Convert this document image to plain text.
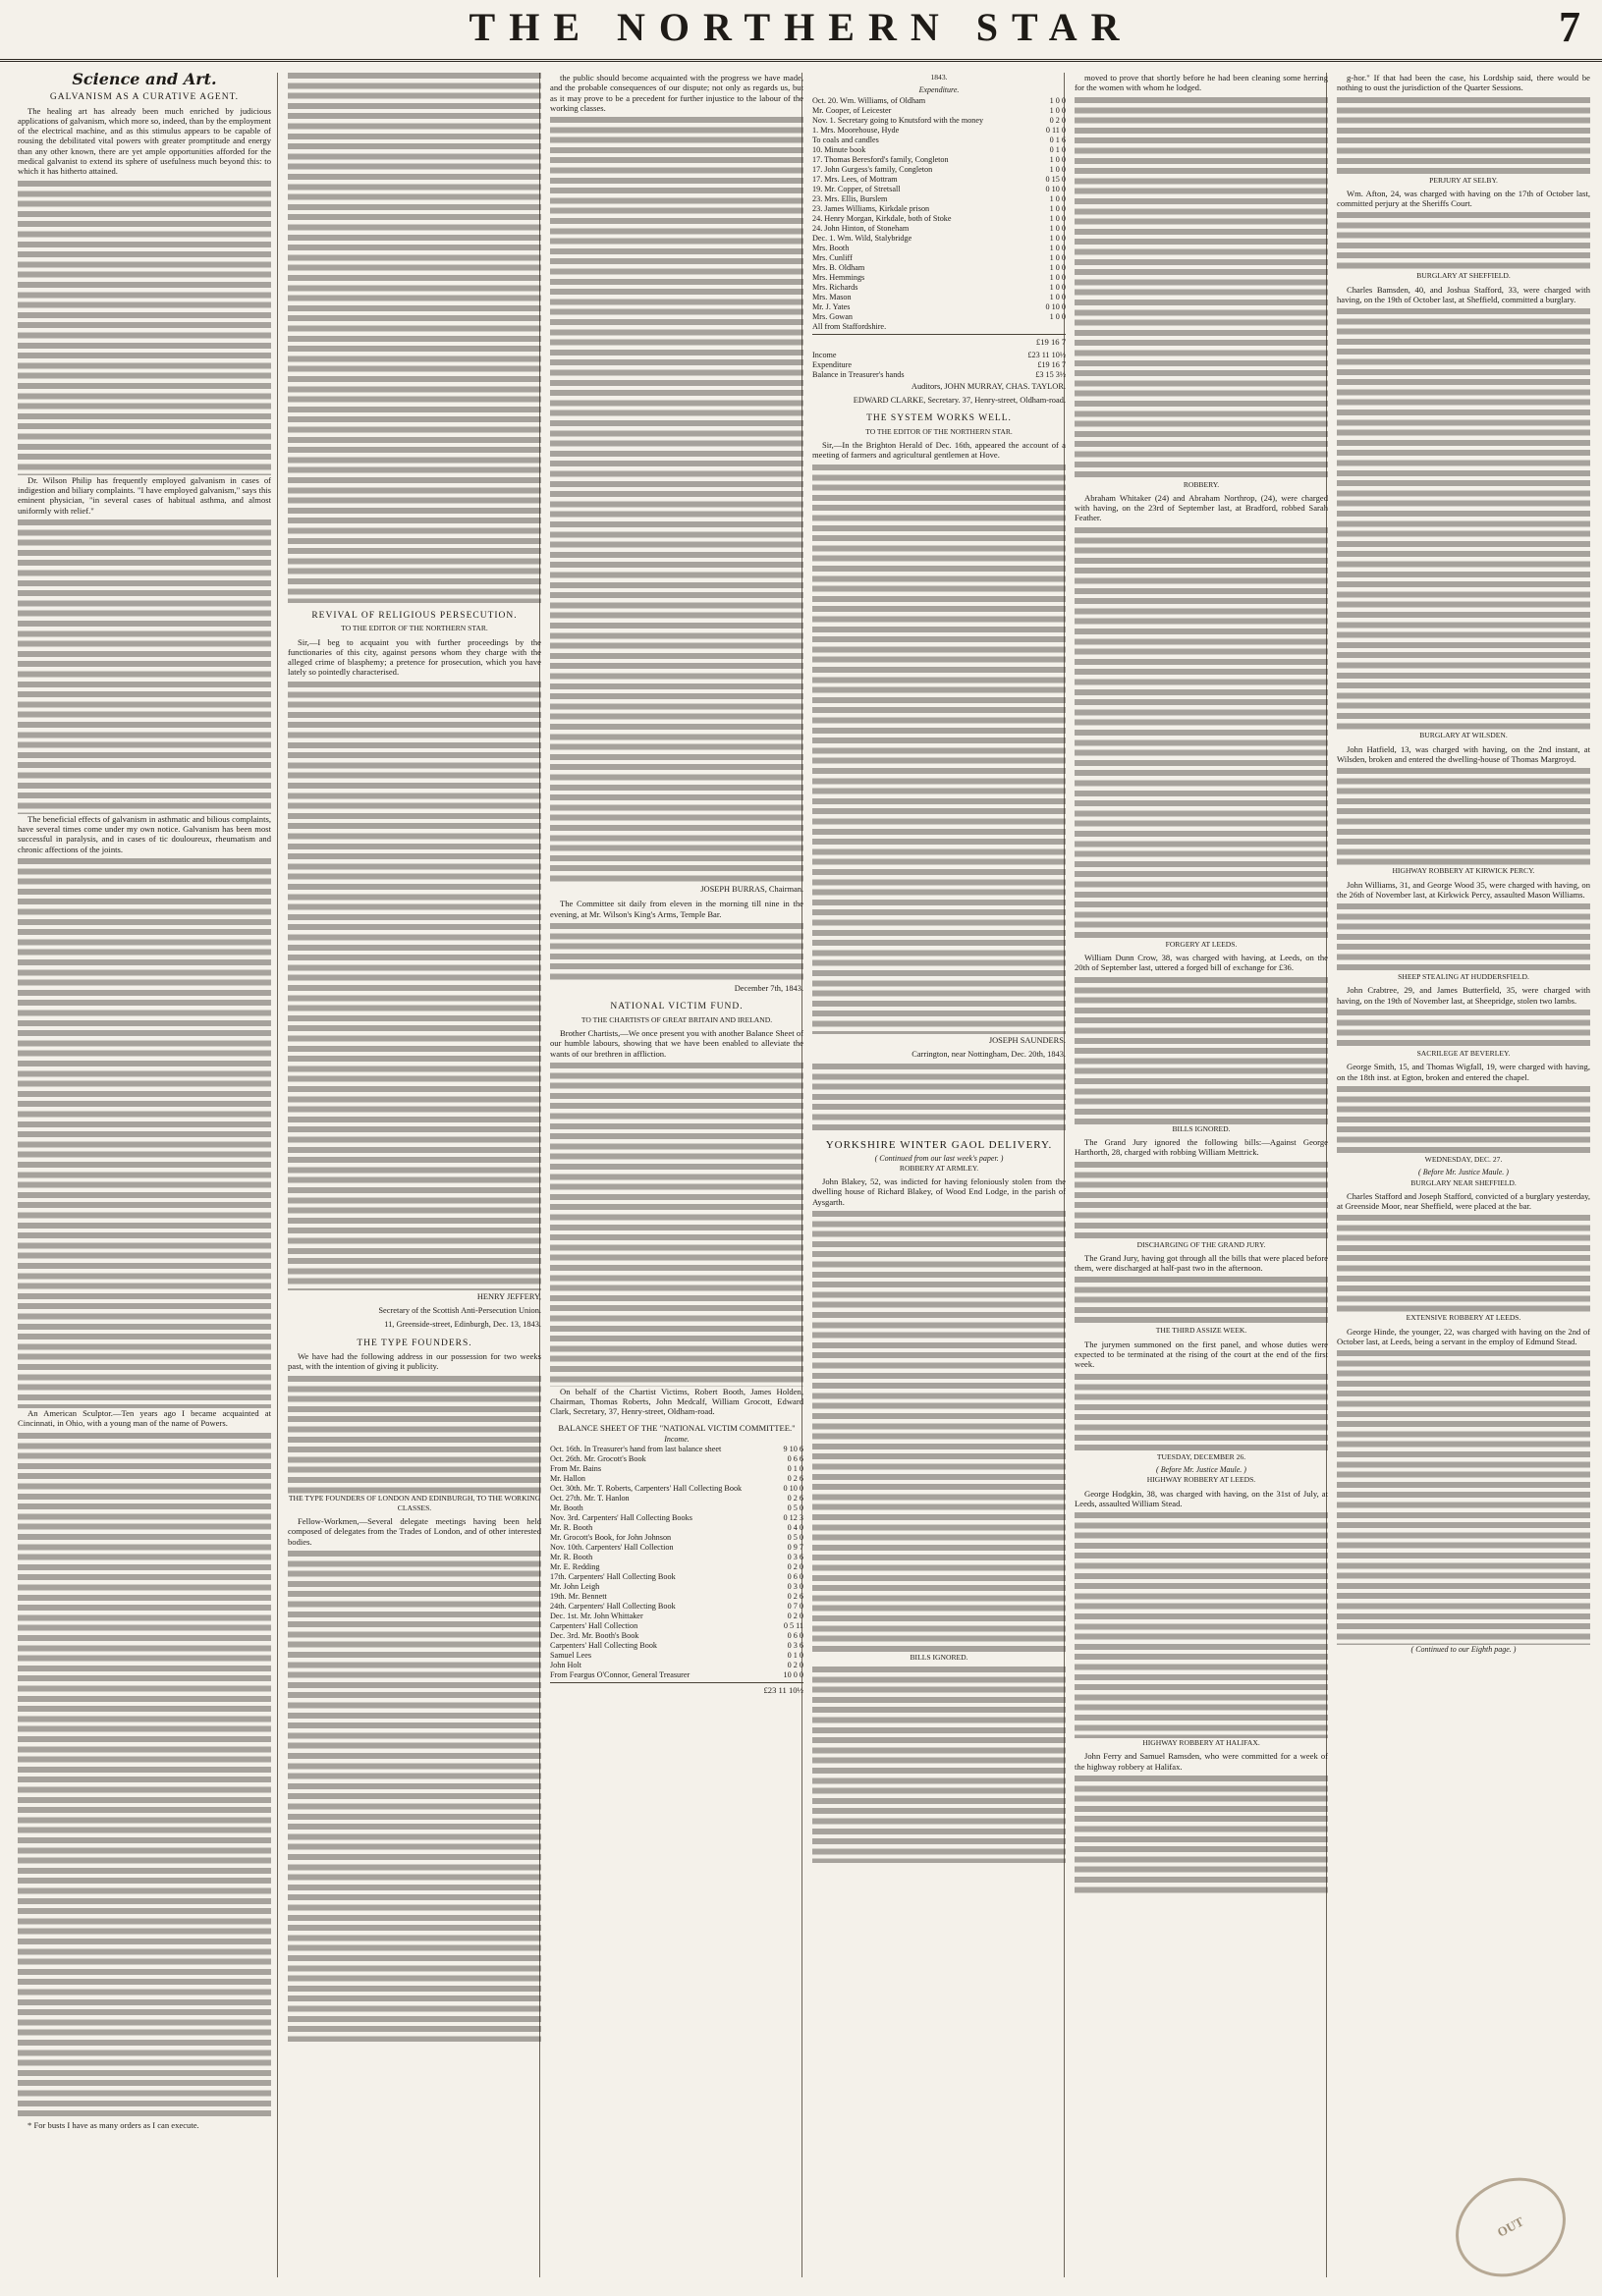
THE NORTHERN STAR	7
Science and Art.
GALVANISM AS A CURATIVE AGENT.

The healing art has already been much enriched by judicious applications of galvanism, which more so, indeed, than by the employment of the electrical machine, and as this stimulus appears to be capable of rousing the debilitated vital powers with greater promptitude and energy than any other known, there are yet ample opportunities afforded for the medical galvanist to extend its sphere of usefulness much beyond this: to which it has hitherto attained.

Dr. Wilson Philip has frequently employed galvanism in cases of indigestion and biliary complaints. "I have employed galvanism," says this eminent physician, "in several cases of habitual asthma, and almost uniformly with relief."

The beneficial effects of galvanism in asthmatic and bilious complaints, have several times come under my own notice. Galvanism has been most successful in paralysis, and in cases of tic douloureux, rheumatism and chronic affections of the joints.

An American Sculptor.—Ten years ago I became acquainted at Cincinnati, in Ohio, with a young man of the name of Powers.

* For busts I have as many orders as I can execute.

REVIVAL OF RELIGIOUS PERSECUTION.
TO THE EDITOR OF THE NORTHERN STAR.

Sir,—I beg to acquaint you with further proceedings by the functionaries of this city, against persons whom they charge with the alleged crime of blasphemy; a pretence for prosecution, which you have lately so pointedly characterised.

HENRY JEFFERY,
Secretary of the Scottish Anti-Persecution Union.
11, Greenside-street, Edinburgh, Dec. 13, 1843.
THE TYPE FOUNDERS.

We have had the following address in our possession for two weeks past, with the intention of giving it publicity.

THE TYPE FOUNDERS OF LONDON AND EDINBURGH, TO THE WORKING CLASSES.

Fellow-Workmen,—Several delegate meetings having been held composed of delegates from the Trades of London, and of other interested bodies.

the public should become acquainted with the progress we have made, and the probable consequences of our dispute; not only as regards us, but as it may prove to be a precedent for further injustice to the labour of the working classes.

JOSEPH BURRAS, Chairman.

The Committee sit daily from eleven in the morning till nine in the evening, at Mr. Wilson's King's Arms, Temple Bar.

December 7th, 1843.
NATIONAL VICTIM FUND.
TO THE CHARTISTS OF GREAT BRITAIN AND IRELAND.

Brother Chartists,—We once present you with another Balance Sheet of our humble labours, showing that we have been enabled to alleviate the wants of our brethren in affliction.

On behalf of the Chartist Victims, Robert Booth, James Holden, Chairman, Thomas Roberts, John Medcalf, William Grocott, Edward Clark, Secretary, 37, Henry-street, Oldham-road.

BALANCE SHEET OF THE "NATIONAL VICTIM COMMITTEE."
Income.
Oct. 16th. In Treasurer's hand from last balance sheet	9 10 6
Oct. 26th. Mr. Grocott's Book	0 6 6
From Mr. Bains	0 1 0
Mr. Hallon	0 2 6
Oct. 30th. Mr. T. Roberts, Carpenters' Hall Collecting Book	0 10 0
Oct. 27th. Mr. T. Hanlon	0 2 6
Mr. Booth	0 5 0
Nov. 3rd. Carpenters' Hall Collecting Books	0 12 3
Mr. R. Booth	0 4 0
Mr. Grocott's Book, for John Johnson	0 5 0
Nov. 10th. Carpenters' Hall Collection	0 9 7
Mr. R. Booth	0 3 6
Mr. E. Redding	0 2 0
17th. Carpenters' Hall Collecting Book	0 6 0
Mr. John Leigh	0 3 0
19th. Mr. Bennett	0 2 6
24th. Carpenters' Hall Collecting Book	0 7 0
Dec. 1st. Mr. John Whittaker	0 2 0
Carpenters' Hall Collection	0 5 11
Dec. 3rd. Mr. Booth's Book	0 6 0
Carpenters' Hall Collecting Book	0 3 6
Samuel Lees	0 1 0
John Holt	0 2 0
From Feargus O'Connor, General Treasurer	10 0 0
£23 11 10½
1843.
Expenditure.
Oct. 20. Wm. Williams, of Oldham	1 0 0
Mr. Cooper, of Leicester	1 0 0
Nov. 1. Secretary going to Knutsford with the money	0 2 0
1. Mrs. Moorehouse, Hyde	0 11 0
To coals and candles	0 1 6
10. Minute book	0 1 0
17. Thomas Beresford's family, Congleton	1 0 0
17. John Gurgess's family, Congleton	1 0 0
17. Mrs. Lees, of Mottram	0 15 0
19. Mr. Copper, of Stretsall	0 10 0
23. Mrs. Ellis, Burslem	1 0 0
23. James Williams, Kirkdale prison	1 0 0
24. Henry Morgan, Kirkdale, both of Stoke	1 0 0
24. John Hinton, of Stoneham	1 0 0
Dec. 1. Wm. Wild, Stalybridge	1 0 0
Mrs. Booth	1 0 0
Mrs. Cunliff	1 0 0
Mrs. B. Oldham	1 0 0
Mrs. Hemmings	1 0 0
Mrs. Richards	1 0 0
Mrs. Mason	1 0 0
Mr. J. Yates	0 10 0
Mrs. Gowan	1 0 0
All from Staffordshire.	
£19 16 7
Income	£23 11 10½
Expenditure	£19 16 7
Balance in Treasurer's hands	£3 15 3½
Auditors, JOHN MURRAY, CHAS. TAYLOR.
EDWARD CLARKE, Secretary. 37, Henry-street, Oldham-road.
THE SYSTEM WORKS WELL.
TO THE EDITOR OF THE NORTHERN STAR.

Sir,—In the Brighton Herald of Dec. 16th, appeared the account of a meeting of farmers and agricultural gentlemen at Hove.

JOSEPH SAUNDERS.
Carrington, near Nottingham, Dec. 20th, 1843.
YORKSHIRE WINTER GAOL DELIVERY.
( Continued from our last week's paper. )
ROBBERY AT ARMLEY.

John Blakey, 52, was indicted for having feloniously stolen from the dwelling house of Richard Blakey, of Wood End Lodge, in the parish of Aysgarth.

BILLS IGNORED.

moved to prove that shortly before he had been cleaning some herring for the women with whom he lodged.

ROBBERY.

Abraham Whitaker (24) and Abraham Northrop, (24), were charged with having, on the 23rd of September last, at Bradford, robbed Sarah Feather.

FORGERY AT LEEDS.

William Dunn Crow, 38, was charged with having, at Leeds, on the 20th of September last, uttered a forged bill of exchange for £36.

BILLS IGNORED.

The Grand Jury ignored the following bills:—Against George Harthorth, 28, charged with robbing William Mettrick.

DISCHARGING OF THE GRAND JURY.

The Grand Jury, having got through all the bills that were placed before them, were discharged at half-past two in the afternoon.

THE THIRD ASSIZE WEEK.

The jurymen summoned on the first panel, and whose duties were expected to be terminated at the rising of the court at the end of the first week.

TUESDAY, DECEMBER 26.
( Before Mr. Justice Maule. )
HIGHWAY ROBBERY AT LEEDS.

George Hodgkin, 38, was charged with having, on the 31st of July, at Leeds, assaulted William Stead.

HIGHWAY ROBBERY AT HALIFAX.

John Ferry and Samuel Ramsden, who were committed for a week of the highway robbery at Halifax.

g-hor." If that had been the case, his Lordship said, there would be nothing to oust the jurisdiction of the Quarter Sessions.

PERJURY AT SELBY.

Wm. Afton, 24, was charged with having on the 17th of October last, committed perjury at the Sheriffs Court.

BURGLARY AT SHEFFIELD.

Charles Bamsden, 40, and Joshua Stafford, 33, were charged with having, on the 19th of October last, at Sheffield, committed a burglary.

BURGLARY AT WILSDEN.

John Hatfield, 13, was charged with having, on the 2nd instant, at Wilsden, broken and entered the dwelling-house of Thomas Margroyd.

HIGHWAY ROBBERY AT KIRWICK PERCY.

John Williams, 31, and George Wood 35, were charged with having, on the 26th of November last, at Kirkwick Percy, assaulted Mason Williams.

SHEEP STEALING AT HUDDERSFIELD.

John Crabtree, 29, and James Butterfield, 35, were charged with having, on the 19th of November last, at Sheepridge, stolen two lambs.

SACRILEGE AT BEVERLEY.

George Smith, 15, and Thomas Wigfall, 19, were charged with having, on the 18th inst. at Egton, broken and entered the chapel.

WEDNESDAY, DEC. 27.
( Before Mr. Justice Maule. )
BURGLARY NEAR SHEFFIELD.

Charles Stafford and Joseph Stafford, convicted of a burglary yesterday, at Greenside Moor, near Sheffield, were placed at the bar.

EXTENSIVE ROBBERY AT LEEDS.

George Hinde, the younger, 22, was charged with having on the 2nd of October last, at Leeds, being a servant in the employ of Edmund Stead.

( Continued to our Eighth page. )
OUT
